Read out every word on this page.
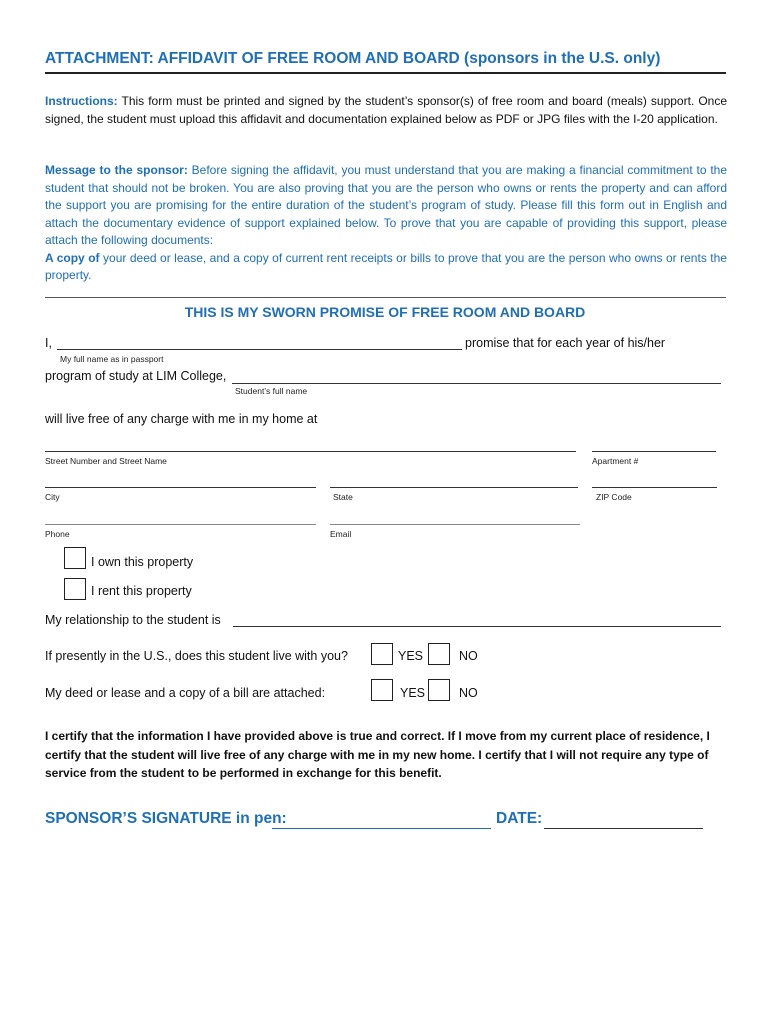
ATTACHMENT: AFFIDAVIT OF FREE ROOM AND BOARD (sponsors in the U.S. only)
Instructions: This form must be printed and signed by the student’s sponsor(s) of free room and board (meals) support. Once signed, the student must upload this affidavit and documentation explained below as PDF or JPG files with the I-20 application.
Message to the sponsor: Before signing the affidavit, you must understand that you are making a financial commitment to the student that should not be broken. You are also proving that you are the person who owns or rents the property and can afford the support you are promising for the entire duration of the student’s program of study. Please fill this form out in English and attach the documentary evidence of support explained below. To prove that you are capable of providing this support, please attach the following documents:
A copy of your deed or lease, and a copy of current rent receipts or bills to prove that you are the person who owns or rents the property.
THIS IS MY SWORN PROMISE OF FREE ROOM AND BOARD
I,	promise that for each year of his/her
My full name as in passport
program of study at LIM College,
Student’s full name
will live free of any charge with me in my home at
Street Number and Street Name	Apartment #
City	State	ZIP Code
Phone	Email
I own this property
I rent this property
My relationship to the student is
If presently in the U.S., does this student live with you?	YES	NO
My deed or lease and a copy of a bill are attached:	YES	NO
I certify that the information I have provided above is true and correct. If I move from my current place of residence, I certify that the student will live free of any charge with me in my new home. I certify that I will not require any type of service from the student to be performed in exchange for this benefit.
SPONSOR’S SIGNATURE in pen:	DATE:
